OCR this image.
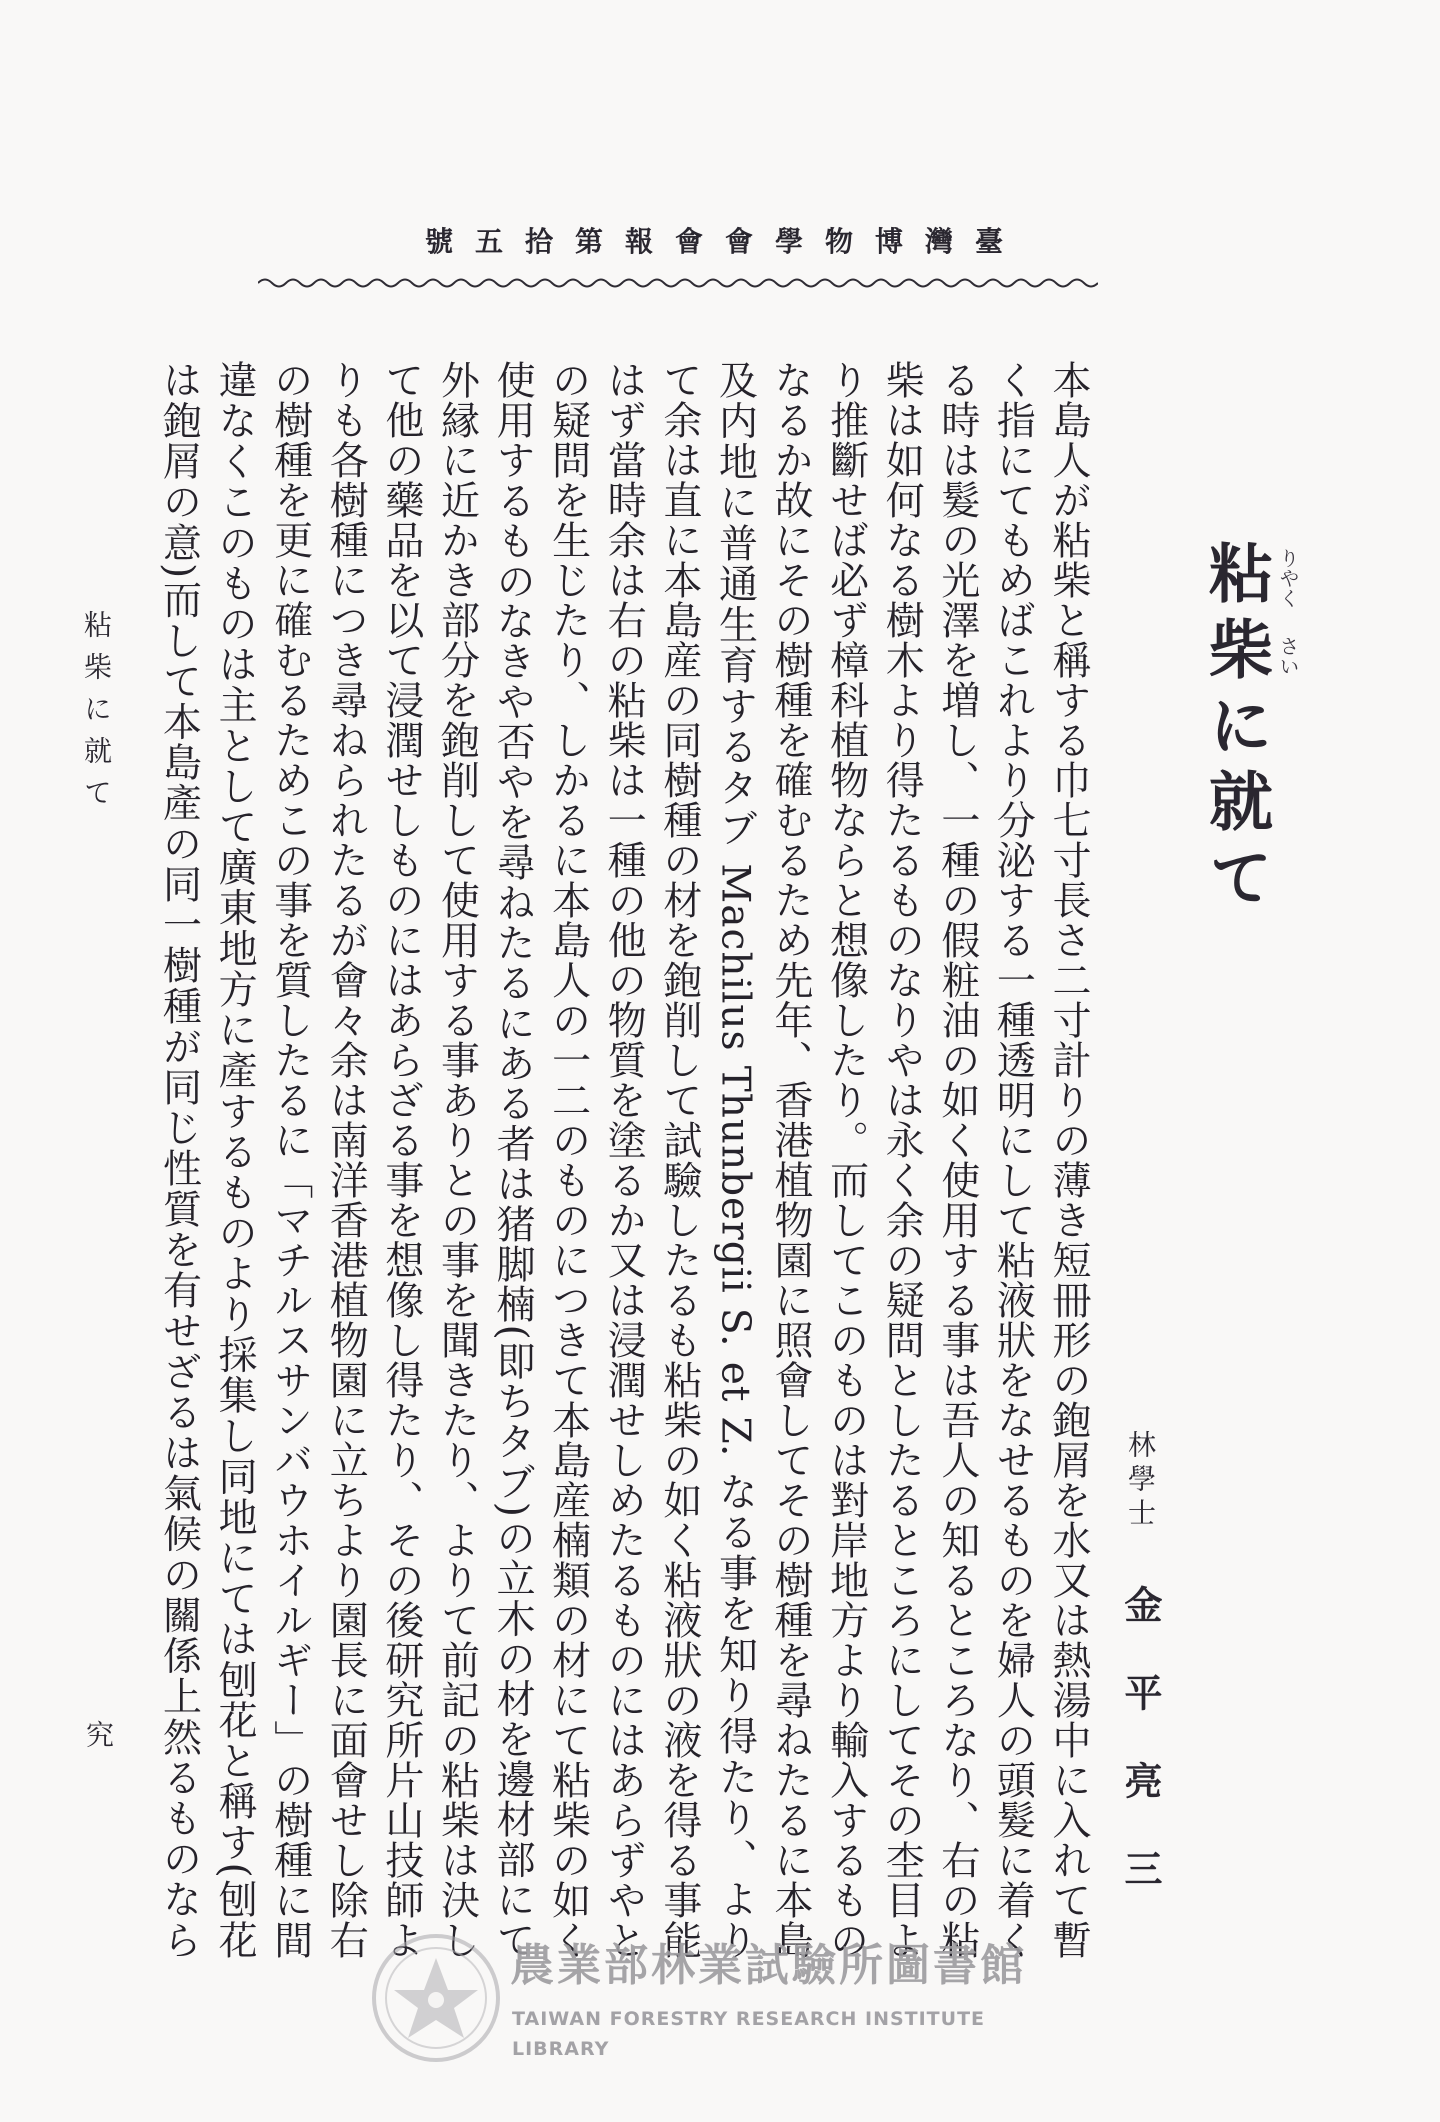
臺灣博物學會會報第拾五號
粘柴に就て りやく
さい
林學士
金平亮三

本島人が粘柴と稱する巾七寸長さ二寸計りの薄き短冊形の鉋屑を水又は熱湯中に入れて暫く指にてもめばこれより分泌する一種透明にして粘液狀をなせるものを婦人の頭髮に着くる時は髮の光澤を増し、一種の假粧油の如く使用する事は吾人の知るところなり、右の粘柴は如何なる樹木より得たるものなりやは永く余の疑問としたるところにしてその杢目より推斷せば必ず樟科植物ならと想像したり。而してこのものは對岸地方より輸入するものなるか故にその樹種を確むるため先年、香港植物園に照會してその樹種を尋ねたるに本島及内地に普通生育するタブ Machilus Thunbergii S. et Z. なる事を知り得たり、よりて余は直に本島産の同樹種の材を鉋削して試驗したるも粘柴の如く粘液狀の液を得る事能はず當時余は右の粘柴は一種の他の物質を塗るか又は浸潤せしめたるものにはあらずやとの疑問を生じたり、しかるに本島人の一二のものにつきて本島産楠類の材にて粘柴の如く使用するものなきや否やを尋ねたるにある者は猪脚楠(即ちタブ)の立木の材を邊材部にて外縁に近かき部分を鉋削して使用する事ありとの事を聞きたり、よりて前記の粘柴は決して他の藥品を以て浸潤せしものにはあらざる事を想像し得たり、その後研究所片山技師よりも各樹種につき尋ねられたるが會々余は南洋香港植物園に立ちより園長に面會せし除右の樹種を更に確むるためこの事を質したるに「マチルスサンバウホイルギー」の樹種に間違なくこのものは主として廣東地方に產するものより採集し同地にては刨花と稱す(刨花は鉋屑の意)而して本島產の同一樹種が同じ性質を有せざるは氣候の關係上然るものなら

粘柴に就て
究
農業部林業試驗所圖書館
TAIWAN FORESTRY RESEARCH INSTITUTE LIBRARY
